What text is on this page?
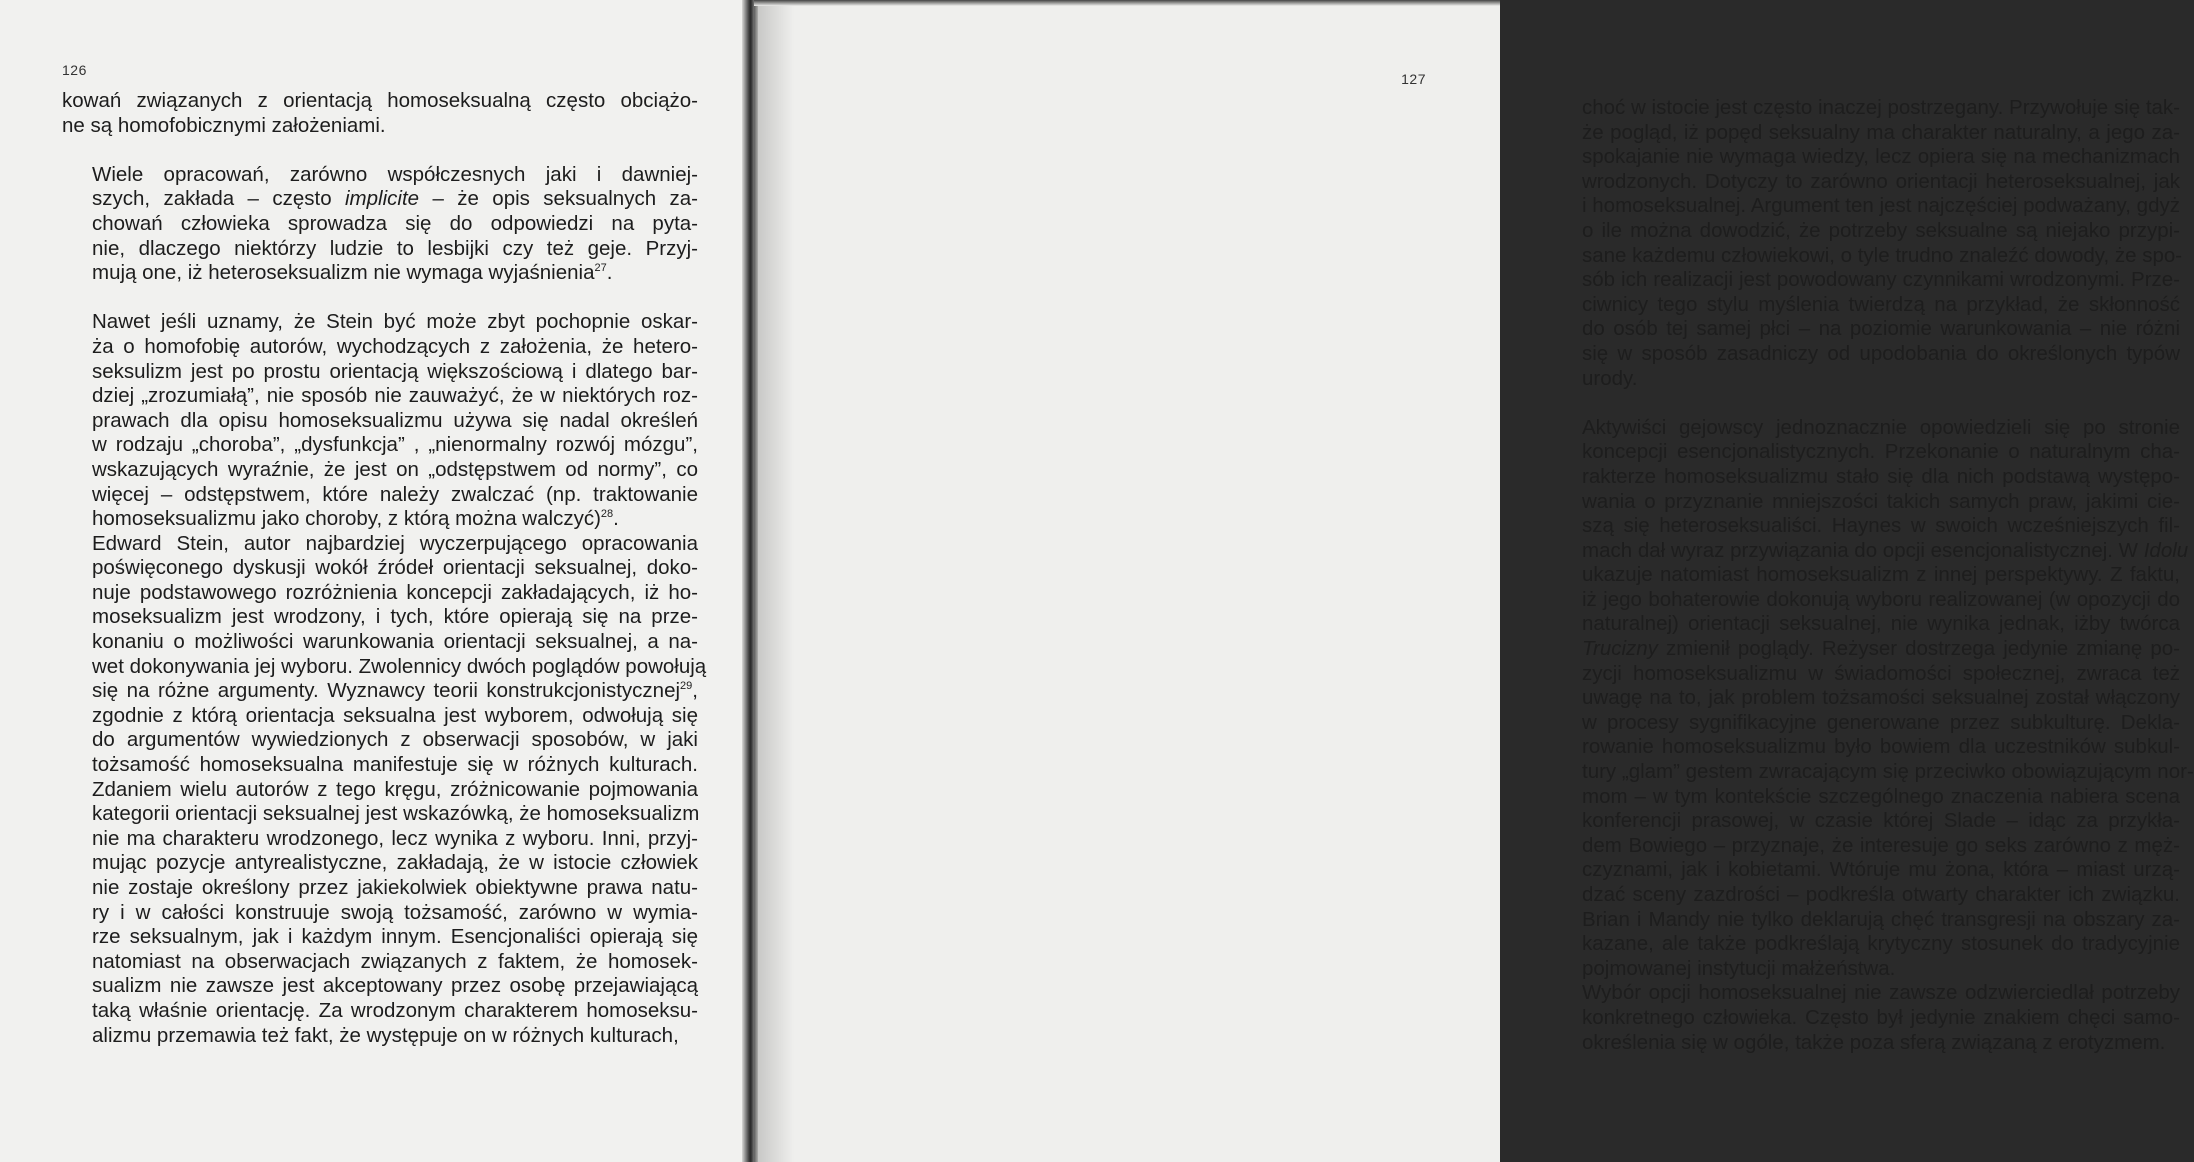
126

kowań związanych z orientacją homoseksualną często obciążo-
ne są homofobicznymi założeniami.

Wiele opracowań, zarówno współczesnych jaki i dawniej-
szych, zakłada – często implicite – że opis seksualnych za-
chowań człowieka sprowadza się do odpowiedzi na pyta-
nie, dlaczego niektórzy ludzie to lesbijki czy też geje. Przyj-
mują one, iż heteroseksualizm nie wymaga wyjaśnienia$^{27}$.

Nawet jeśli uznamy, że Stein być może zbyt pochopnie oskar-
ża o homofobię autorów, wychodzących z założenia, że hetero-
seksulizm jest po prostu orientacją większościową i dlatego bar-
dziej „zrozumiałą”, nie sposób nie zauważyć, że w niektórych roz-
prawach dla opisu homoseksualizmu używa się nadal określeń
w rodzaju „choroba”, „dysfunkcja” , „nienormalny rozwój mózgu”,
wskazujących wyraźnie, że jest on „odstępstwem od normy”, co
więcej – odstępstwem, które należy zwalczać (np. traktowanie
homoseksualizmu jako choroby, z którą można walczyć)$^{28}$.

Edward Stein, autor najbardziej wyczerpującego opracowania
poświęconego dyskusji wokół źródeł orientacji seksualnej, doko-
nuje podstawowego rozróżnienia koncepcji zakładających, iż ho-
moseksualizm jest wrodzony, i tych, które opierają się na prze-
konaniu o możliwości warunkowania orientacji seksualnej, a na-
wet dokonywania jej wyboru. Zwolennicy dwóch poglądów powołują
się na różne argumenty. Wyznawcy teorii konstrukcjonistycznej$^{29}$,
zgodnie z którą orientacja seksualna jest wyborem, odwołują się
do argumentów wywiedzionych z obserwacji sposobów, w jaki
tożsamość homoseksualna manifestuje się w różnych kulturach.
Zdaniem wielu autorów z tego kręgu, zróżnicowanie pojmowania
kategorii orientacji seksualnej jest wskazówką, że homoseksualizm
nie ma charakteru wrodzonego, lecz wynika z wyboru. Inni, przyj-
mując pozycje antyrealistyczne, zakładają, że w istocie człowiek
nie zostaje określony przez jakiekolwiek obiektywne prawa natu-
ry i w całości konstruuje swoją tożsamość, zarówno w wymia-
rze seksualnym, jak i każdym innym. Esencjonaliści opierają się
natomiast na obserwacjach związanych z faktem, że homosek-
sualizm nie zawsze jest akceptowany przez osobę przejawiającą
taką właśnie orientację. Za wrodzonym charakterem homoseksu-
alizmu przemawia też fakt, że występuje on w różnych kulturach,

127

choć w istocie jest często inaczej postrzegany. Przywołuje się tak-
że pogląd, iż popęd seksualny ma charakter naturalny, a jego za-
spokajanie nie wymaga wiedzy, lecz opiera się na mechanizmach
wrodzonych. Dotyczy to zarówno orientacji heteroseksualnej, jak
i homoseksualnej. Argument ten jest najczęściej podważany, gdyż
o ile można dowodzić, że potrzeby seksualne są niejako przypi-
sane każdemu człowiekowi, o tyle trudno znaleźć dowody, że spo-
sób ich realizacji jest powodowany czynnikami wrodzonymi. Prze-
ciwnicy tego stylu myślenia twierdzą na przykład, że skłonność
do osób tej samej płci – na poziomie warunkowania – nie różni
się w sposób zasadniczy od upodobania do określonych typów
urody.

Aktywiści gejowscy jednoznacznie opowiedzieli się po stronie
koncepcji esencjonalistycznych. Przekonanie o naturalnym cha-
rakterze homoseksualizmu stało się dla nich podstawą występo-
wania o przyznanie mniejszości takich samych praw, jakimi cie-
szą się heteroseksualiści. Haynes w swoich wcześniejszych fil-
mach dał wyraz przywiązania do opcji esencjonalistycznej. W Idolu
ukazuje natomiast homoseksualizm z innej perspektywy. Z faktu,
iż jego bohaterowie dokonują wyboru realizowanej (w opozycji do
naturalnej) orientacji seksualnej, nie wynika jednak, iżby twórca
Trucizny zmienił poglądy. Reżyser dostrzega jedynie zmianę po-
zycji homoseksualizmu w świadomości społecznej, zwraca też
uwagę na to, jak problem tożsamości seksualnej został włączony
w procesy sygnifikacyjne generowane przez subkulturę. Dekla-
rowanie homoseksualizmu było bowiem dla uczestników subkul-
tury „glam” gestem zwracającym się przeciwko obowiązującym nor-
mom – w tym kontekście szczególnego znaczenia nabiera scena
konferencji prasowej, w czasie której Slade – idąc za przykła-
dem Bowiego – przyznaje, że interesuje go seks zarówno z męż-
czyznami, jak i kobietami. Wtóruje mu żona, która – miast urzą-
dzać sceny zazdrości – podkreśla otwarty charakter ich związku.
Brian i Mandy nie tylko deklarują chęć transgresji na obszary za-
kazane, ale także podkreślają krytyczny stosunek do tradycyjnie
pojmowanej instytucji małżeństwa.

Wybór opcji homoseksualnej nie zawsze odzwierciedlał potrzeby
konkretnego człowieka. Często był jedynie znakiem chęci samo-
określenia się w ogóle, także poza sferą związaną z erotyzmem.
